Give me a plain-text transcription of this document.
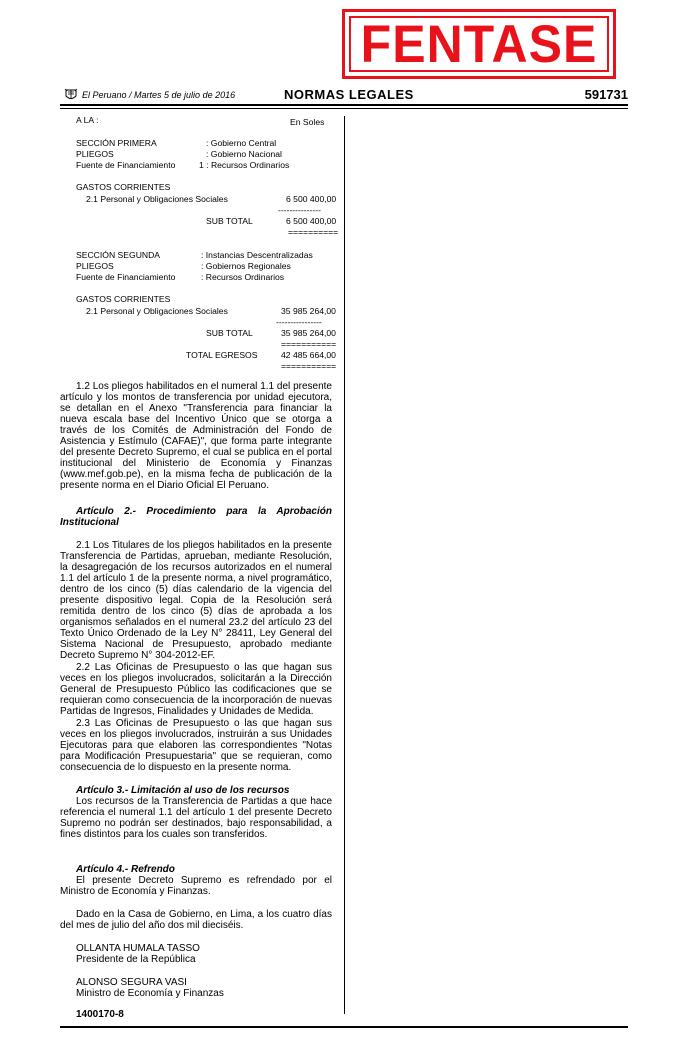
FENTASE
El Peruano / Martes 5 de julio de 2016	NORMAS LEGALES	591731
A LA :	En Soles
SECCIÓN PRIMERA	: Gobierno Central
PLIEGOS	: Gobierno Nacional
Fuente de Financiamiento	1 : Recursos Ordinarios
GASTOS CORRIENTES
2.1 Personal y Obligaciones Sociales	6 500 400,00
---------------
SUB TOTAL	6 500 400,00
==========
SECCIÓN SEGUNDA	: Instancias Descentralizadas
PLIEGOS	: Gobiernos Regionales
Fuente de Financiamiento	: Recursos Ordinarios
GASTOS CORRIENTES
2.1 Personal y Obligaciones Sociales	35 985 264,00
----------------
SUB TOTAL	35 985 264,00
===========
TOTAL EGRESOS	42 485 664,00
===========

1.2 Los pliegos habilitados en el numeral 1.1 del presente artículo y los montos de transferencia por unidad ejecutora, se detallan en el Anexo "Transferencia para financiar la nueva escala base del Incentivo Único que se otorga a través de los Comités de Administración del Fondo de Asistencia y Estímulo (CAFAE)", que forma parte integrante del presente Decreto Supremo, el cual se publica en el portal institucional del Ministerio de Economía y Finanzas (www.mef.gob.pe), en la misma fecha de publicación de la presente norma en el Diario Oficial El Peruano.

Artículo 2.- Procedimiento para la Aprobación Institucional

2.1 Los Titulares de los pliegos habilitados en la presente Transferencia de Partidas, aprueban, mediante Resolución, la desagregación de los recursos autorizados en el numeral 1.1 del artículo 1 de la presente norma, a nivel programático, dentro de los cinco (5) días calendario de la vigencia del presente dispositivo legal. Copia de la Resolución será remitida dentro de los cinco (5) días de aprobada a los organismos señalados en el numeral 23.2 del artículo 23 del Texto Único Ordenado de la Ley N° 28411, Ley General del Sistema Nacional de Presupuesto, aprobado mediante Decreto Supremo N° 304-2012-EF.

2.2 Las Oficinas de Presupuesto o las que hagan sus veces en los pliegos involucrados, solicitarán a la Dirección General de Presupuesto Público las codificaciones que se requieran como consecuencia de la incorporación de nuevas Partidas de Ingresos, Finalidades y Unidades de Medida.

2.3 Las Oficinas de Presupuesto o las que hagan sus veces en los pliegos involucrados, instruirán a sus Unidades Ejecutoras para que elaboren las correspondientes "Notas para Modificación Presupuestaria" que se requieran, como consecuencia de lo dispuesto en la presente norma.

Artículo 3.- Limitación al uso de los recursos

Los recursos de la Transferencia de Partidas a que hace referencia el numeral 1.1 del artículo 1 del presente Decreto Supremo no podrán ser destinados, bajo responsabilidad, a fines distintos para los cuales son transferidos.

Artículo 4.- Refrendo

El presente Decreto Supremo es refrendado por el Ministro de Economía y Finanzas.

Dado en la Casa de Gobierno, en Lima, a los cuatro días del mes de julio del año dos mil dieciséis.

OLLANTA HUMALA TASSO
Presidente de la República
ALONSO SEGURA VASI
Ministro de Economía y Finanzas
1400170-8
